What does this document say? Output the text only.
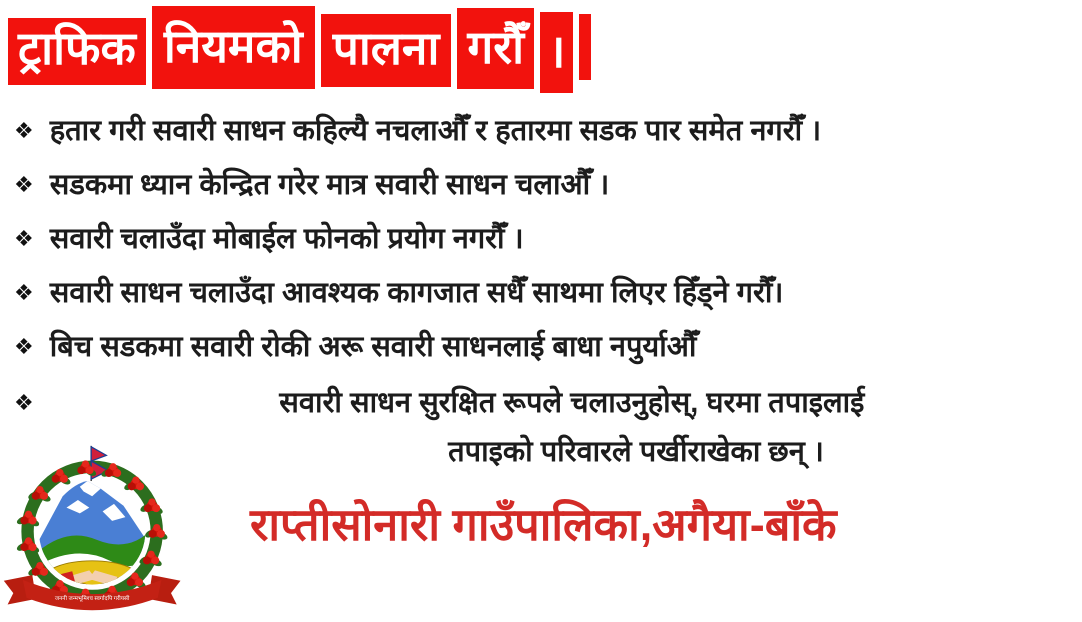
ट्राफिक नियमको पालना गरौँ ।
❖ हतार गरी सवारी साधन कहिल्यै नचलाऔँ र हतारमा सडक पार समेत नगरौँ ।
❖ सडकमा ध्यान केन्द्रित गरेर मात्र सवारी साधन चलाऔँ ।
❖ सवारी चलाउँदा मोबाईल फोनको प्रयोग नगरौँ ।
❖ सवारी साधन चलाउँदा आवश्यक कागजात सधैँ साथमा लिएर हिँड्ने गरौँ।
❖ बिच सडकमा सवारी रोकी अरू सवारी साधनलाई बाधा नपुर्याऔँ
❖	सवारी साधन सुरक्षित रूपले चलाउनुहोस्, घरमा तपाइलाई
तपाइको परिवारले पर्खीराखेका छन् ।
जननी जन्मभूमिश्च स्वर्गादपि गरीयसी
राप्तीसोनारी गाउँपालिका,अगैया-बाँके
